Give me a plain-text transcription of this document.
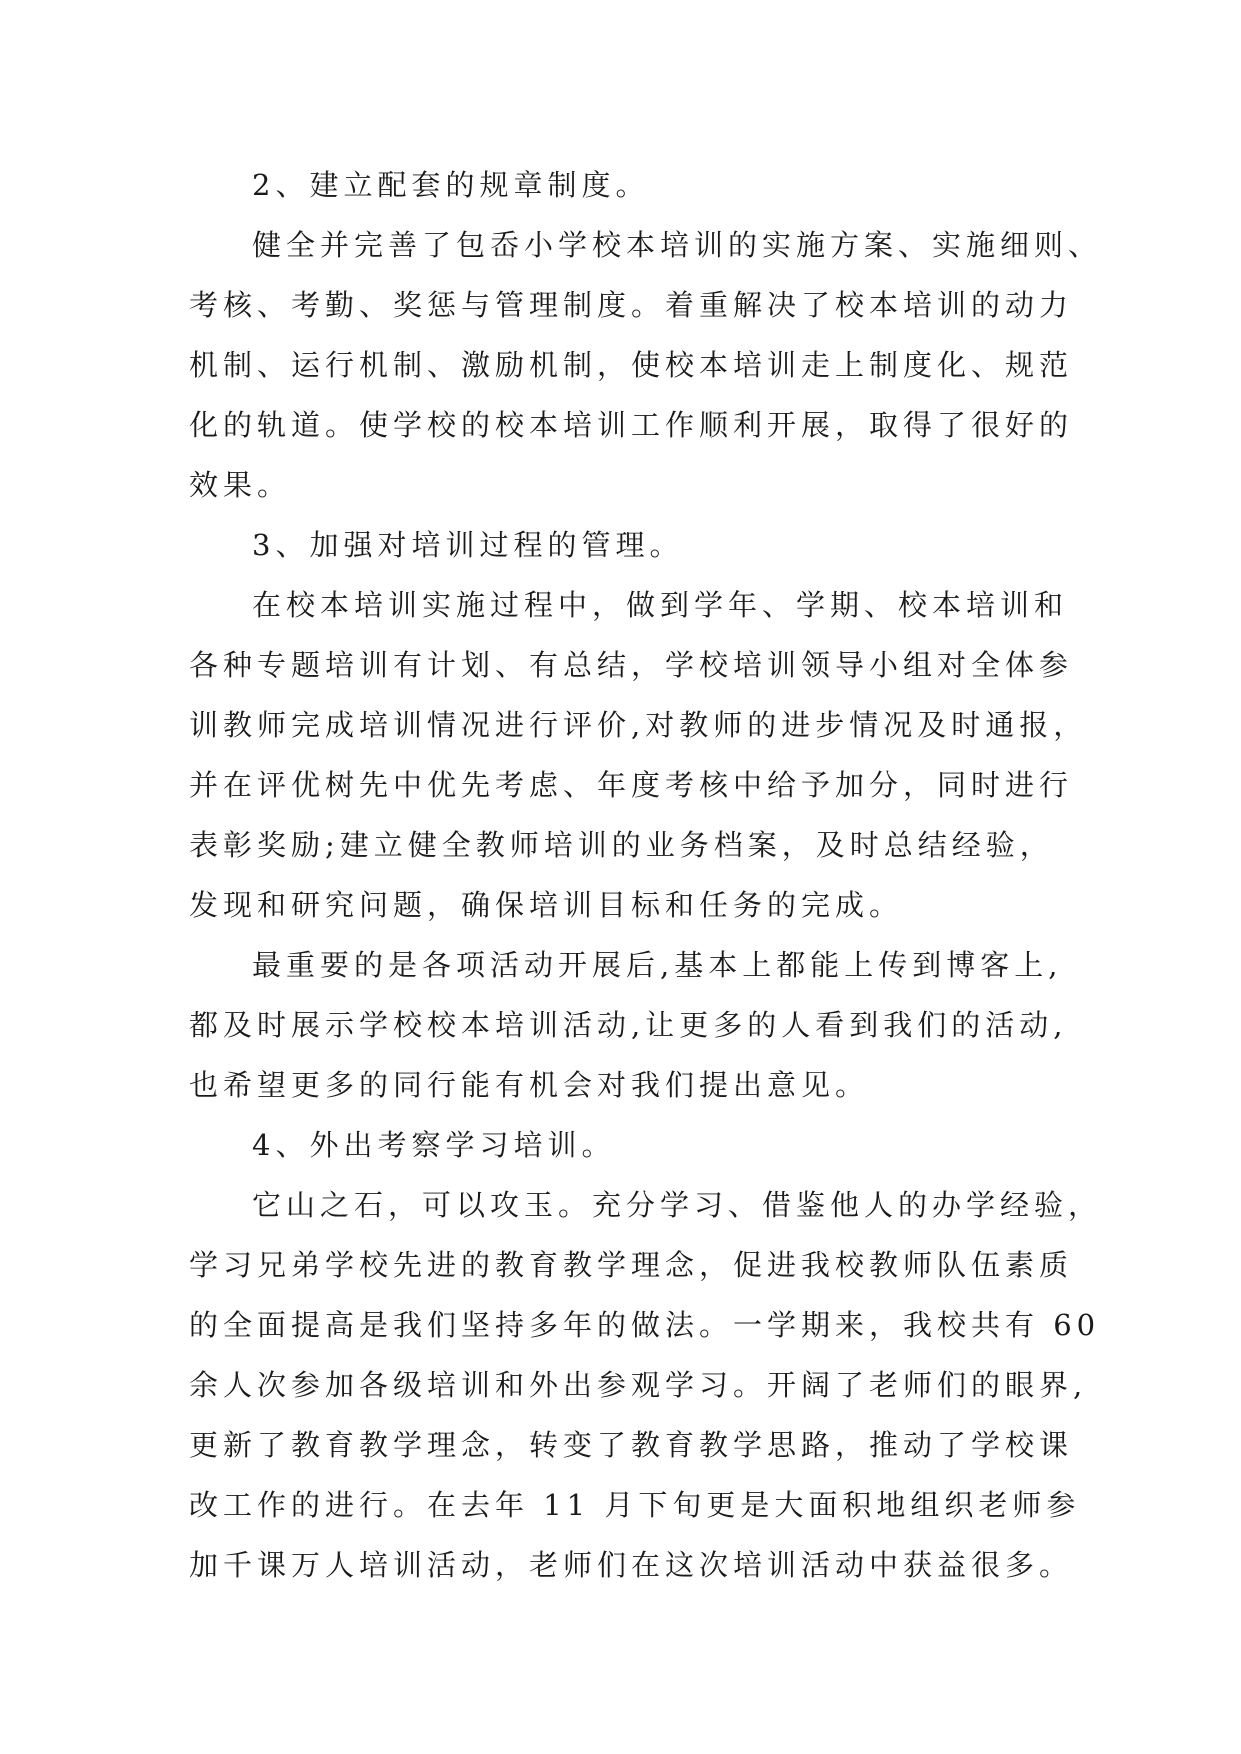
2、建立配套的规章制度。
健全并完善了包岙小学校本培训的实施方案、实施细则、
考核、考勤、奖惩与管理制度。着重解决了校本培训的动力
机制、运行机制、激励机制，使校本培训走上制度化、规范
化的轨道。使学校的校本培训工作顺利开展，取得了很好的
效果。
3、加强对培训过程的管理。
在校本培训实施过程中，做到学年、学期、校本培训和
各种专题培训有计划、有总结，学校培训领导小组对全体参
训教师完成培训情况进行评价,对教师的进步情况及时通报，
并在评优树先中优先考虑、年度考核中给予加分，同时进行
表彰奖励;建立健全教师培训的业务档案，及时总结经验，
发现和研究问题，确保培训目标和任务的完成。
最重要的是各项活动开展后,基本上都能上传到博客上,
都及时展示学校校本培训活动,让更多的人看到我们的活动,
也希望更多的同行能有机会对我们提出意见。
4、外出考察学习培训。
它山之石，可以攻玉。充分学习、借鉴他人的办学经验，
学习兄弟学校先进的教育教学理念，促进我校教师队伍素质
的全面提高是我们坚持多年的做法。一学期来，我校共有 60
余人次参加各级培训和外出参观学习。开阔了老师们的眼界,
更新了教育教学理念，转变了教育教学思路，推动了学校课
改工作的进行。在去年 11 月下旬更是大面积地组织老师参
加千课万人培训活动，老师们在这次培训活动中获益很多。
